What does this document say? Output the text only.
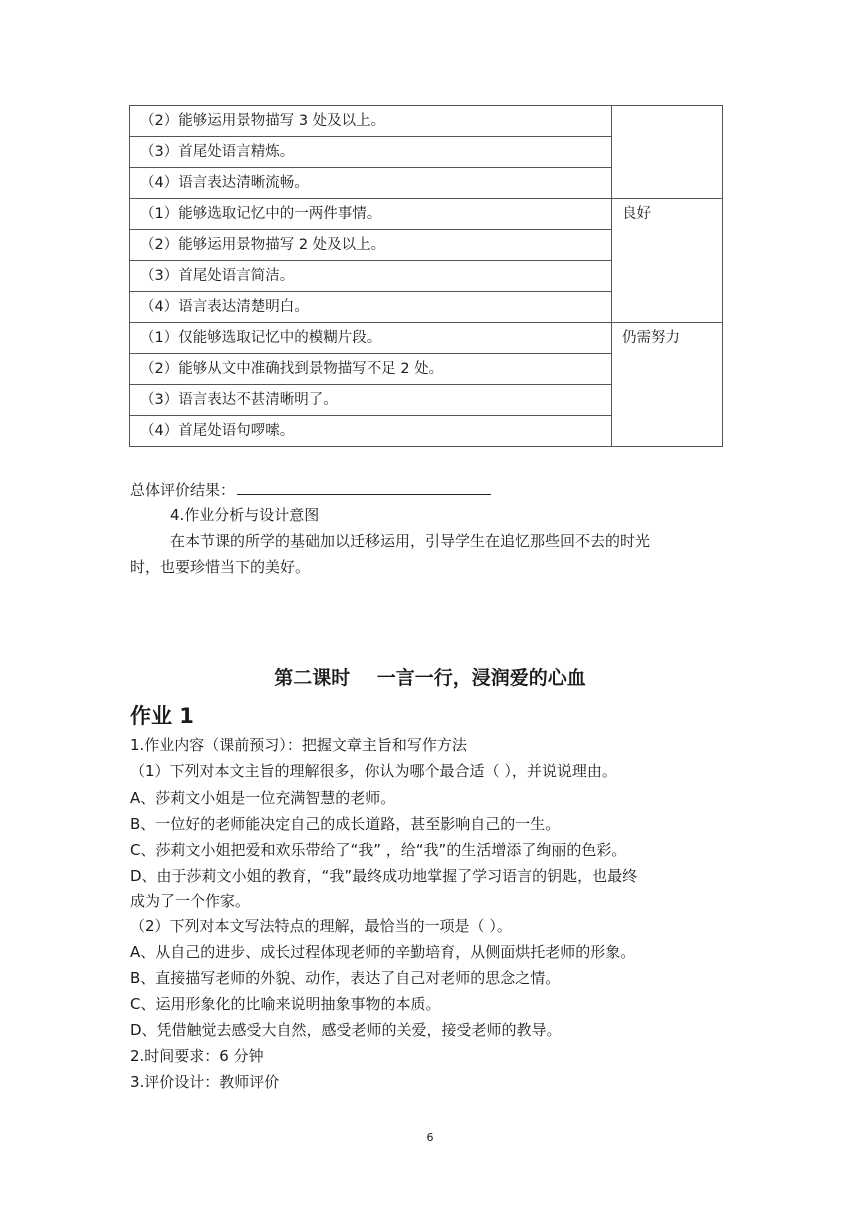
（2）能够运用景物描写 3 处及以上。	
（3）首尾处语言精炼。	
（4）语言表达清晰流畅。	
（1）能够选取记忆中的一两件事情。	良好
（2）能够运用景物描写 2 处及以上。	
（3）首尾处语言简洁。	
（4）语言表达清楚明白。	
（1）仅能够选取记忆中的模糊片段。	仍需努力
（2）能够从文中准确找到景物描写不足 2 处。	
（3）语言表达不甚清晰明了。	
（4）首尾处语句啰嗦。	
总体评价结果：
4.作业分析与设计意图
在本节课的所学的基础加以迁移运用，引导学生在追忆那些回不去的时光
时，也要珍惜当下的美好。
第二课时    一言一行，浸润爱的心血
作业 1
1.作业内容（课前预习）：把握文章主旨和写作方法
（1）下列对本文主旨的理解很多，你认为哪个最合适（ ），并说说理由。
A、莎莉文小姐是一位充满智慧的老师。
B、一位好的老师能决定自己的成长道路，甚至影响自己的一生。
C、莎莉文小姐把爱和欢乐带给了“我” ，给“我”的生活增添了绚丽的色彩。
D、由于莎莉文小姐的教育，“我”最终成功地掌握了学习语言的钥匙，也最终
成为了一个作家。
（2）下列对本文写法特点的理解，最恰当的一项是（ ）。
A、从自己的进步、成长过程体现老师的辛勤培育，从侧面烘托老师的形象。
B、直接描写老师的外貌、动作，表达了自己对老师的思念之情。
C、运用形象化的比喻来说明抽象事物的本质。
D、凭借触觉去感受大自然，感受老师的关爱，接受老师的教导。
2.时间要求：6 分钟
3.评价设计：教师评价
6
